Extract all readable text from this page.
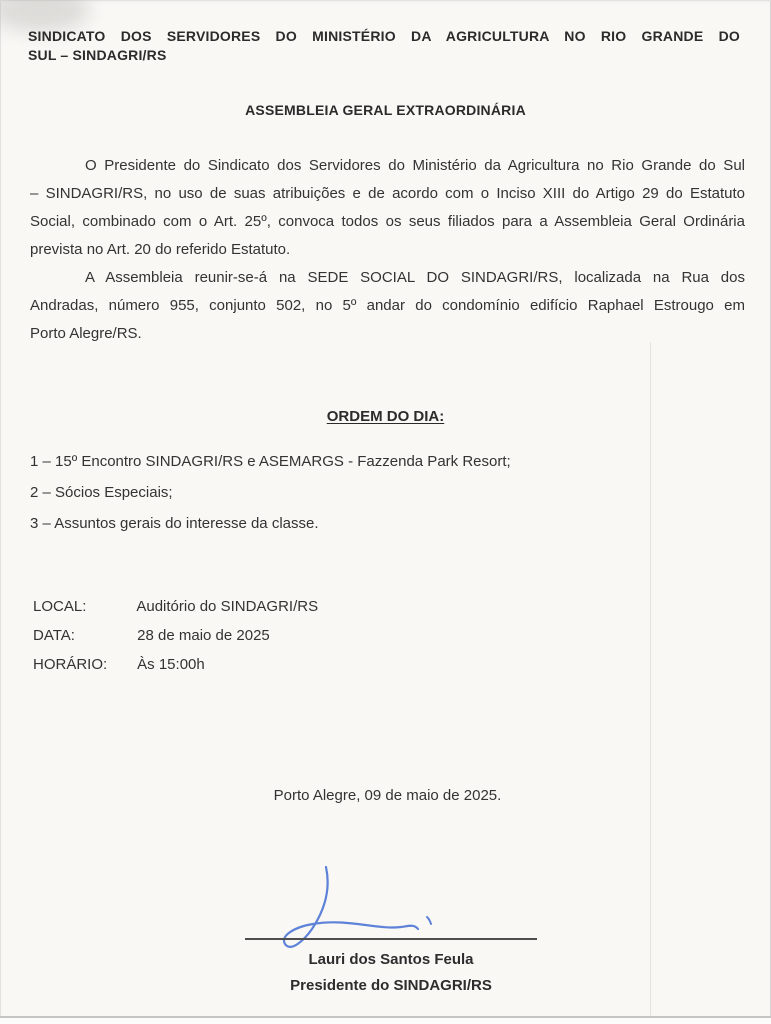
SINDICATO DOS SERVIDORES DO MINISTÉRIO DA AGRICULTURA NO RIO GRANDE DO
SUL – SINDAGRI/RS
ASSEMBLEIA GERAL EXTRAORDINÁRIA
O Presidente do Sindicato dos Servidores do Ministério da Agricultura no Rio Grande do Sul
– SINDAGRI/RS, no uso de suas atribuições e de acordo com o Inciso XIII do Artigo 29 do Estatuto
Social, combinado com o Art. 25º, convoca todos os seus filiados para a Assembleia Geral Ordinária
prevista no Art. 20 do referido Estatuto.
A Assembleia reunir-se-á na SEDE SOCIAL DO SINDAGRI/RS, localizada na Rua dos
Andradas, número 955, conjunto 502, no 5º andar do condomínio edifício Raphael Estrougo em
Porto Alegre/RS.
ORDEM DO DIA:
1 – 15º Encontro SINDAGRI/RS e ASEMARGS - Fazzenda Park Resort;
2 – Sócios Especiais;
3 – Assuntos gerais do interesse da classe.
LOCAL:	Auditório do SINDAGRI/RS
DATA:	28 de maio de 2025
HORÁRIO: Às 15:00h
Porto Alegre, 09 de maio de 2025.
Lauri dos Santos Feula
Presidente do SINDAGRI/RS
